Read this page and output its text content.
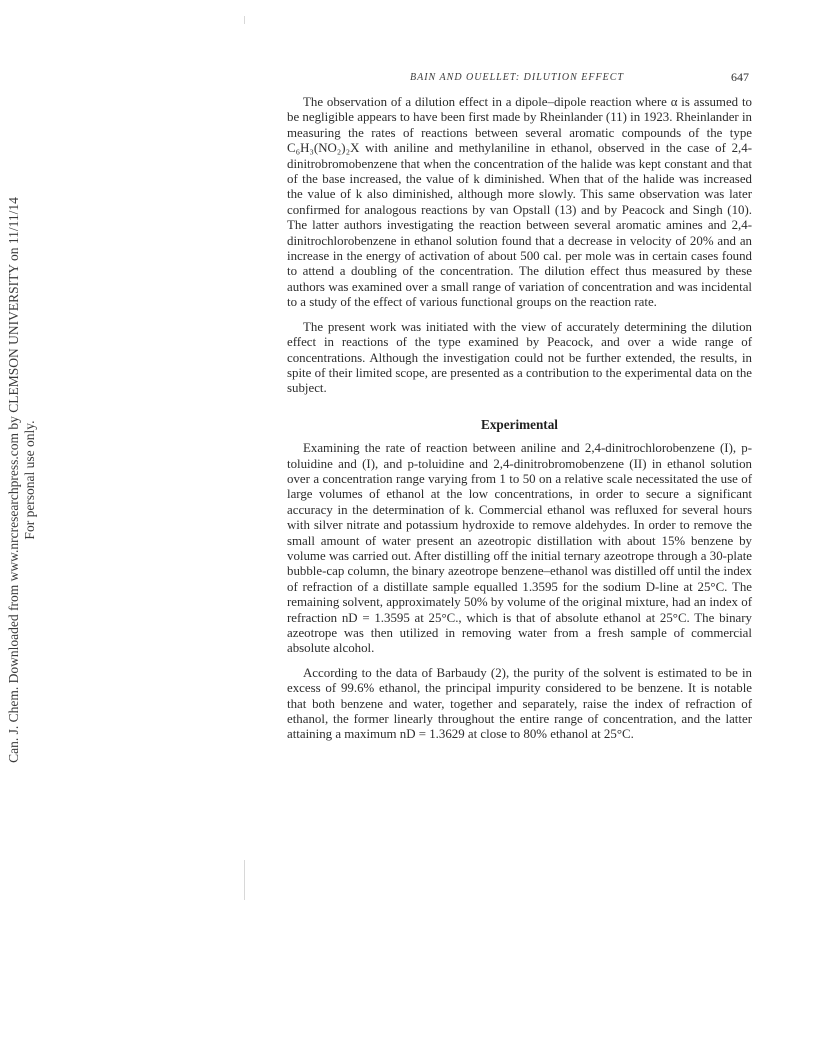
BAIN AND OUELLET: DILUTION EFFECT	647
Can. J. Chem. Downloaded from www.nrcresearchpress.com by CLEMSON UNIVERSITY on 11/11/14 For personal use only.

The observation of a dilution effect in a dipole–dipole reaction where α is assumed to be negligible appears to have been first made by Rheinlander (11) in 1923. Rheinlander in measuring the rates of reactions between several aromatic compounds of the type C₆H₃(NO₂)₂X with aniline and methylaniline in ethanol, observed in the case of 2,4-dinitrobromobenzene that when the concentration of the halide was kept constant and that of the base increased, the value of k diminished. When that of the halide was increased the value of k also diminished, although more slowly. This same observation was later confirmed for analogous reactions by van Opstall (13) and by Peacock and Singh (10). The latter authors investigating the reaction between several aromatic amines and 2,4-dinitrochlorobenzene in ethanol solution found that a decrease in velocity of 20% and an increase in the energy of activation of about 500 cal. per mole was in certain cases found to attend a doubling of the concentration. The dilution effect thus measured by these authors was examined over a small range of variation of concentration and was incidental to a study of the effect of various functional groups on the reaction rate.

The present work was initiated with the view of accurately determining the dilution effect in reactions of the type examined by Peacock, and over a wide range of concentrations. Although the investigation could not be further extended, the results, in spite of their limited scope, are presented as a contribution to the experimental data on the subject.

Experimental

Examining the rate of reaction between aniline and 2,4-dinitrochlorobenzene (I), p-toluidine and (I), and p-toluidine and 2,4-dinitrobromobenzene (II) in ethanol solution over a concentration range varying from 1 to 50 on a relative scale necessitated the use of large volumes of ethanol at the low concentrations, in order to secure a significant accuracy in the determination of k. Commercial ethanol was refluxed for several hours with silver nitrate and potassium hydroxide to remove aldehydes. In order to remove the small amount of water present an azeotropic distillation with about 15% benzene by volume was carried out. After distilling off the initial ternary azeotrope through a 30-plate bubble-cap column, the binary azeotrope benzene–ethanol was distilled off until the index of refraction of a distillate sample equalled 1.3595 for the sodium D-line at 25°C. The remaining solvent, approximately 50% by volume of the original mixture, had an index of refraction nD = 1.3595 at 25°C., which is that of absolute ethanol at 25°C. The binary azeotrope was then utilized in removing water from a fresh sample of commercial absolute alcohol.

According to the data of Barbaudy (2), the purity of the solvent is estimated to be in excess of 99.6% ethanol, the principal impurity considered to be benzene. It is notable that both benzene and water, together and separately, raise the index of refraction of ethanol, the former linearly throughout the entire range of concentration, and the latter attaining a maximum nD = 1.3629 at close to 80% ethanol at 25°C.
